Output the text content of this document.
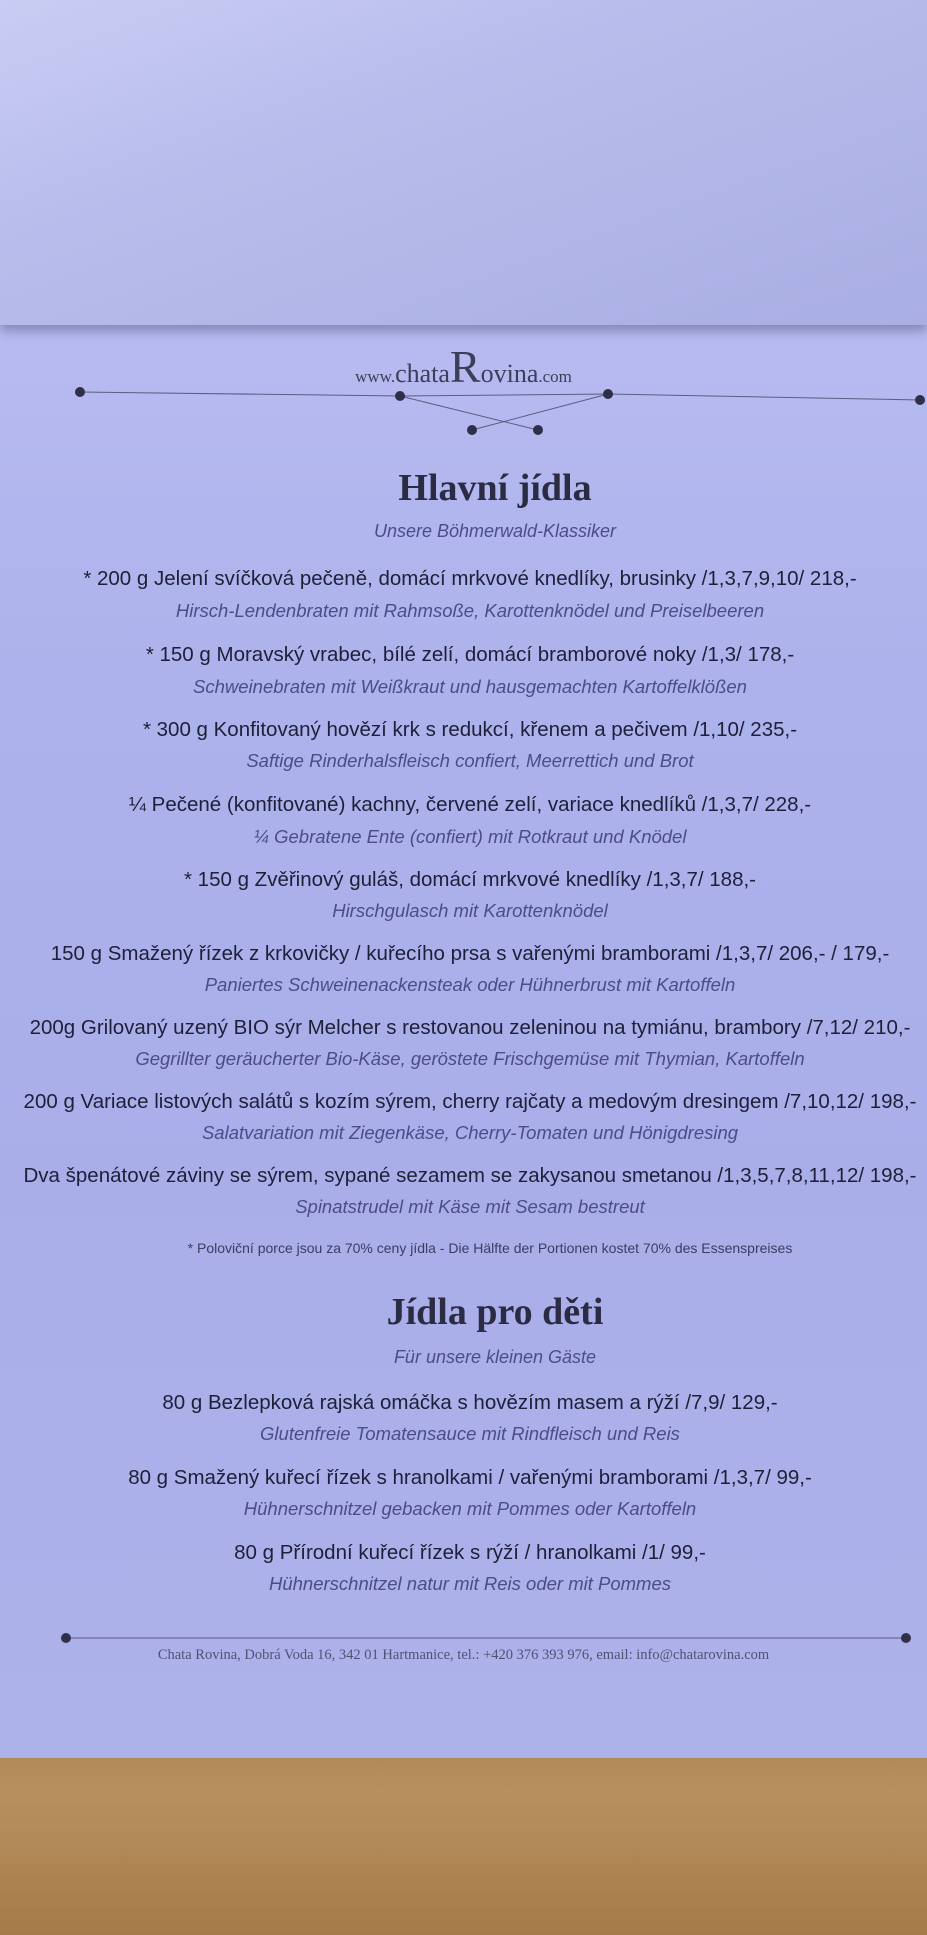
www.chataRovina.com
Hlavní jídla
Unsere Böhmerwald-Klassiker
* 200 g Jelení svíčková pečeně, domácí mrkvové knedlíky, brusinky /1,3,7,9,10/ 218,-
Hirsch-Lendenbraten mit Rahmsoße, Karottenknödel und Preiselbeeren
* 150 g Moravský vrabec, bílé zelí, domácí bramborové noky /1,3/ 178,-
Schweinebraten mit Weißkraut und hausgemachten Kartoffelklößen
* 300 g Konfitovaný hovězí krk s redukcí, křenem a pečivem /1,10/ 235,-
Saftige Rinderhalsfleisch confiert, Meerrettich und Brot
¼ Pečené (konfitované) kachny, červené zelí, variace knedlíků /1,3,7/ 228,-
¼ Gebratene Ente (confiert) mit Rotkraut und Knödel
* 150 g Zvěřinový guláš, domácí mrkvové knedlíky /1,3,7/ 188,-
Hirschgulasch mit Karottenknödel
150 g Smažený řízek z krkovičky / kuřecího prsa s vařenými bramborami /1,3,7/ 206,- / 179,-
Paniertes Schweinenackensteak oder Hühnerbrust mit Kartoffeln
200g Grilovaný uzený BIO sýr Melcher s restovanou zeleninou na tymiánu, brambory /7,12/ 210,-
Gegrillter geräucherter Bio-Käse, geröstete Frischgemüse mit Thymian, Kartoffeln
200 g Variace listových salátů s kozím sýrem, cherry rajčaty a medovým dresingem /7,10,12/ 198,-
Salatvariation mit Ziegenkäse, Cherry-Tomaten und Hönigdresing
Dva špenátové záviny se sýrem, sypané sezamem se zakysanou smetanou /1,3,5,7,8,11,12/ 198,-
Spinatstrudel mit Käse mit Sesam bestreut
* Poloviční porce jsou za 70% ceny jídla - Die Hälfte der Portionen kostet 70% des Essenspreises
Jídla pro děti
Für unsere kleinen Gäste
80 g Bezlepková rajská omáčka s hovězím masem a rýží /7,9/ 129,-
Glutenfreie Tomatensauce mit Rindfleisch und Reis
80 g Smažený kuřecí řízek s hranolkami / vařenými bramborami /1,3,7/ 99,-
Hühnerschnitzel gebacken mit Pommes oder Kartoffeln
80 g Přírodní kuřecí řízek s rýží / hranolkami /1/ 99,-
Hühnerschnitzel natur mit Reis oder mit Pommes
Chata Rovina, Dobrá Voda 16, 342 01 Hartmanice, tel.: +420 376 393 976, email: info@chatarovina.com
